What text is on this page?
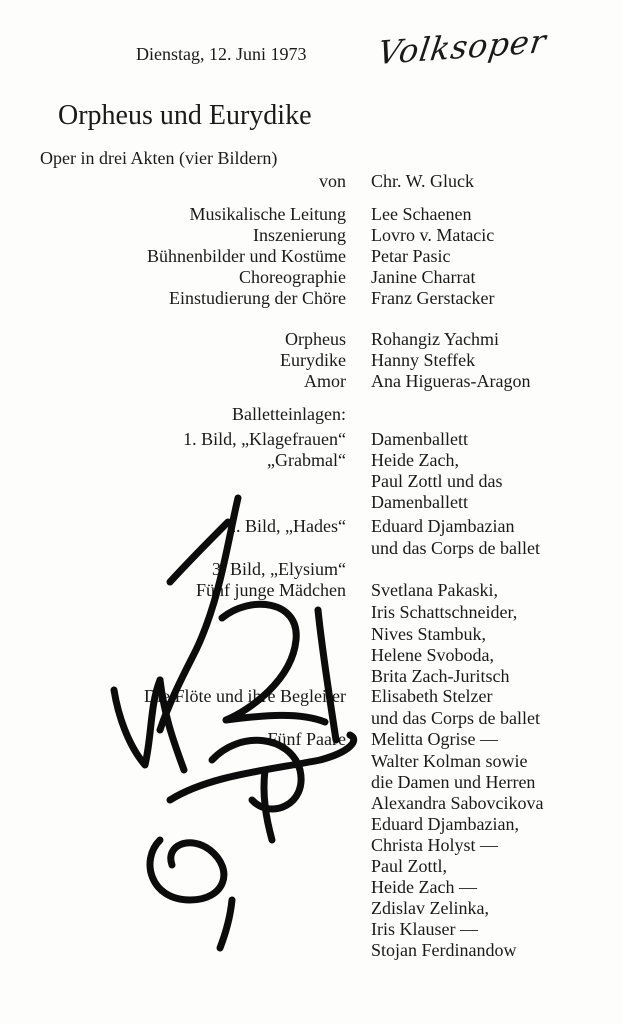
Dienstag, 12. Juni 1973 Volksoper
Orpheus und Eurydike
Oper in drei Akten (vier Bildern)
von Chr. W. Gluck
Musikalische Leitung Lee Schaenen
Inszenierung Lovro v. Matacic
Bühnenbilder und Kostüme Petar Pasic
Choreographie Janine Charrat
Einstudierung der Chöre Franz Gerstacker
Orpheus Rohangiz Yachmi
Eurydike Hanny Steffek
Amor Ana Higueras-Aragon
Balletteinlagen:
1. Bild, „Klagefrauen“ Damenballett
„Grabmal“ Heide Zach,
Paul Zottl und das
Damenballett
2. Bild, „Hades“ Eduard Djambazian
und das Corps de ballet
3. Bild, „Elysium“
Fünf junge Mädchen Svetlana Pakaski,
Iris Schattschneider,
Nives Stambuk,
Helene Svoboda,
Brita Zach-Juritsch
Die Flöte und ihre Begleiter Elisabeth Stelzer
und das Corps de ballet
Fünf Paare Melitta Ogrise —
Walter Kolman sowie
die Damen und Herren
Alexandra Sabovcikova
Eduard Djambazian,
Christa Holyst —
Paul Zottl,
Heide Zach —
Zdislav Zelinka,
Iris Klauser —
Stojan Ferdinandow
